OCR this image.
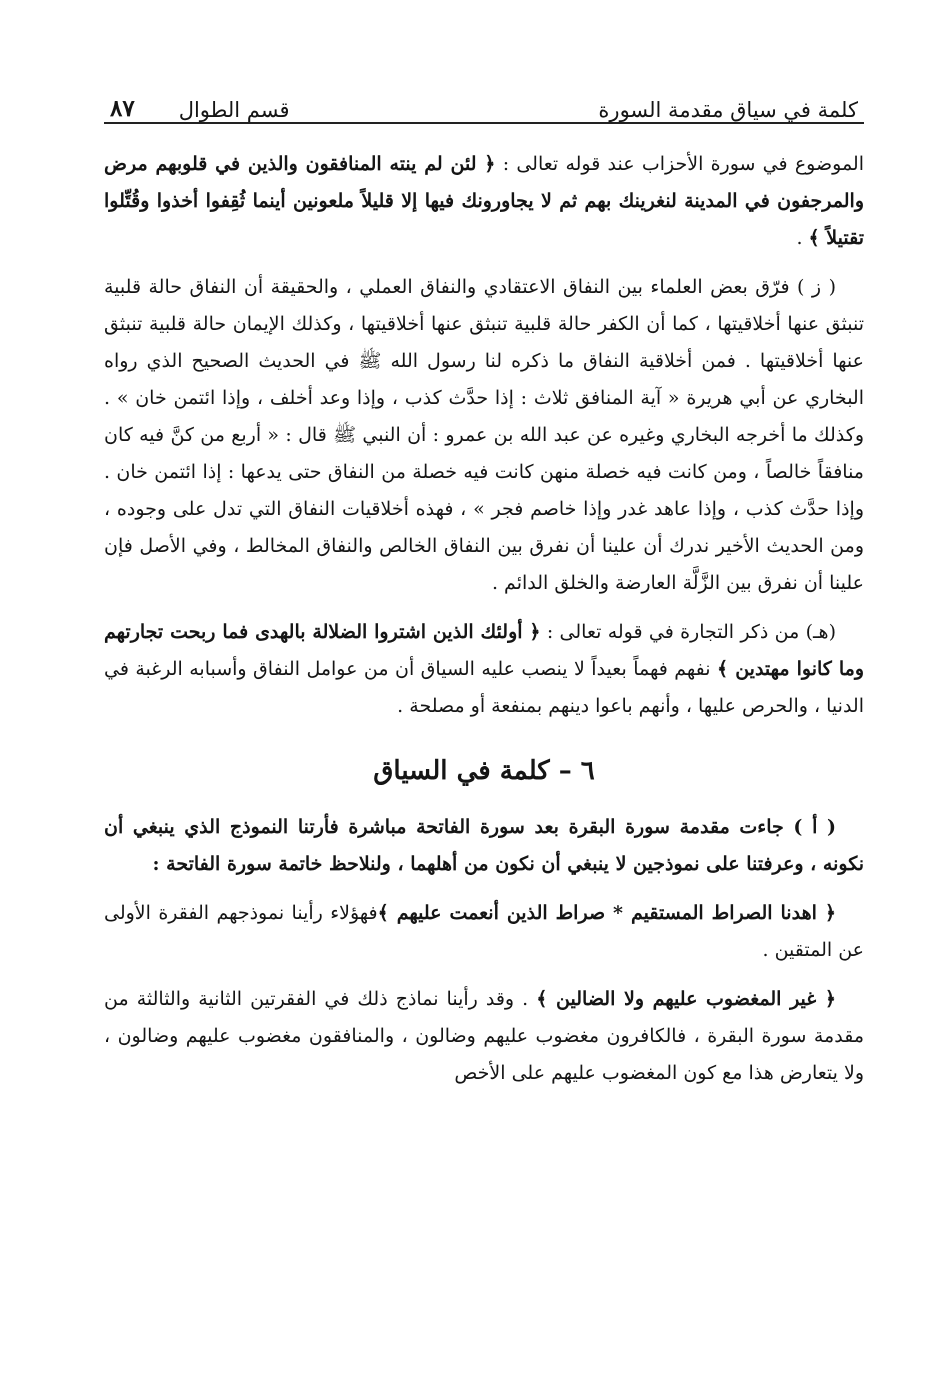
كلمة في سياق مقدمة السورة
قسم الطوال
٨٧

الموضوع في سورة الأحزاب عند قوله تعالى : ﴿ لئن لم ينته المنافقون والذين في قلوبهم مرض والمرجفون في المدينة لنغرينك بهم ثم لا يجاورونك فيها إلا قليلاً ملعونين أينما ثُقِفوا أخذوا وقُتِّلوا تقتيلاً ﴾ .

( ز ) فرّق بعض العلماء بين النفاق الاعتقادي والنفاق العملي ، والحقيقة أن النفاق حالة قلبية تنبثق عنها أخلاقيتها ، كما أن الكفر حالة قلبية تنبثق عنها أخلاقيتها ، وكذلك الإيمان حالة قلبية تنبثق عنها أخلاقيتها . فمن أخلاقية النفاق ما ذكره لنا رسول الله ﷺ في الحديث الصحيح الذي رواه البخاري عن أبي هريرة « آية المنافق ثلاث : إذا حدَّث كذب ، وإذا وعد أخلف ، وإذا ائتمن خان » . وكذلك ما أخرجه البخاري وغيره عن عبد الله بن عمرو : أن النبي ﷺ قال : « أربع من كنَّ فيه كان منافقاً خالصاً ، ومن كانت فيه خصلة منهن كانت فيه خصلة من النفاق حتى يدعها : إذا ائتمن خان . وإذا حدَّث كذب ، وإذا عاهد غدر وإذا خاصم فجر » ، فهذه أخلاقيات النفاق التي تدل على وجوده ، ومن الحديث الأخير ندرك أن علينا أن نفرق بين النفاق الخالص والنفاق المخالط ، وفي الأصل فإن علينا أن نفرق بين الزَّلَّة العارضة والخلق الدائم .

(هـ) من ذكر التجارة في قوله تعالى : ﴿ أولئك الذين اشتروا الضلالة بالهدى فما ربحت تجارتهم وما كانوا مهتدين ﴾ نفهم فهماً بعيداً لا ينصب عليه السياق أن من عوامل النفاق وأسبابه الرغبة في الدنيا ، والحرص عليها ، وأنهم باعوا دينهم بمنفعة أو مصلحة .

٦ – كلمة في السياق

( أ ) جاءت مقدمة سورة البقرة بعد سورة الفاتحة مباشرة فأرتنا النموذج الذي ينبغي أن نكونه ، وعرفتنا على نموذجين لا ينبغي أن نكون من أهلهما ، ولنلاحظ خاتمة سورة الفاتحة :

﴿ اهدنا الصراط المستقيم * صراط الذين أنعمت عليهم ﴾فهؤلاء رأينا نموذجهم الفقرة الأولى عن المتقين .

﴿ غير المغضوب عليهم ولا الضالين ﴾ . وقد رأينا نماذج ذلك في الفقرتين الثانية والثالثة من مقدمة سورة البقرة ، فالكافرون مغضوب عليهم وضالون ، والمنافقون مغضوب عليهم وضالون ، ولا يتعارض هذا مع كون المغضوب عليهم على الأخص
